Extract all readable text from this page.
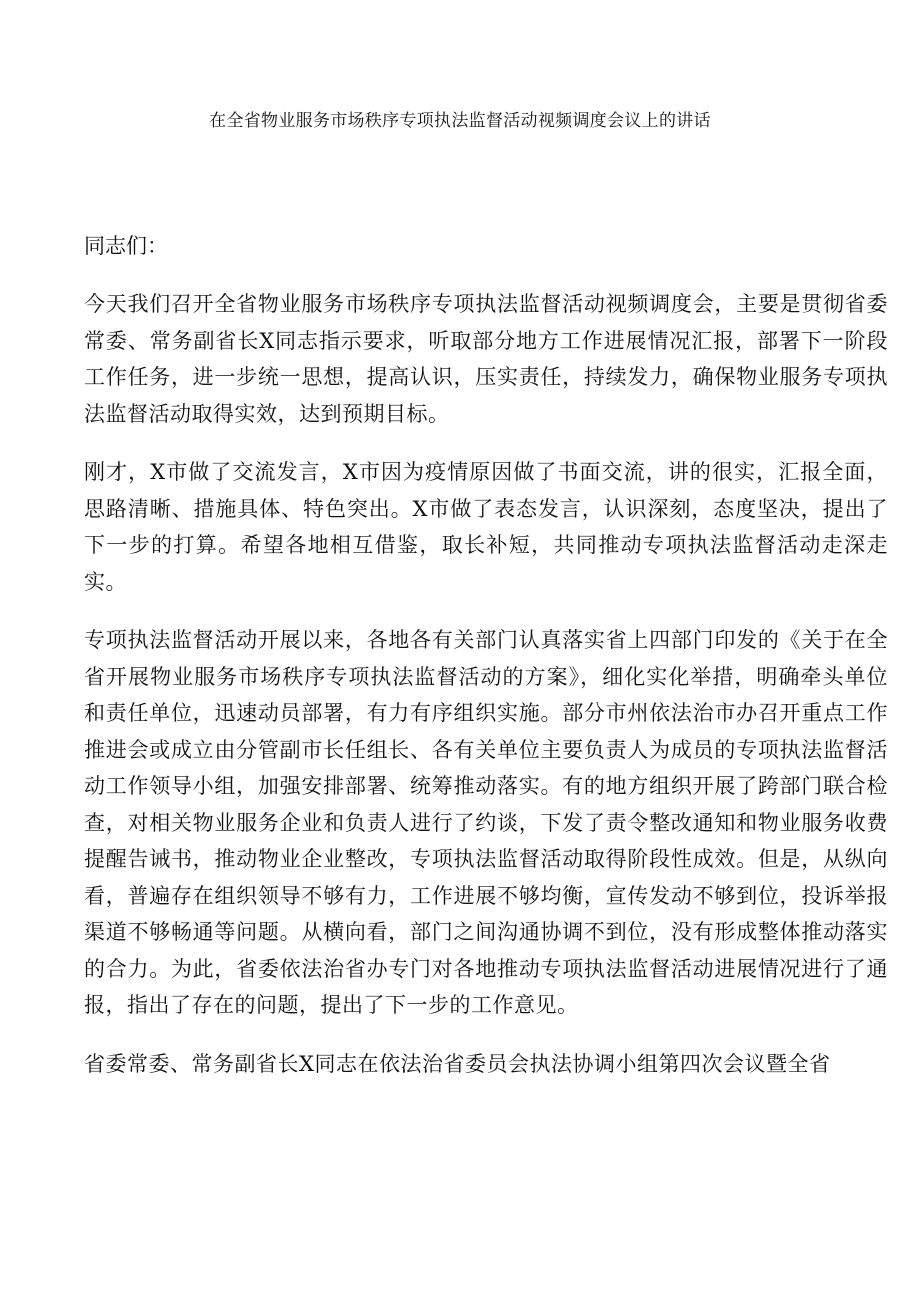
在全省物业服务市场秩序专项执法监督活动视频调度会议上的讲话

同志们：

今天我们召开全省物业服务市场秩序专项执法监督活动视频调度会，主要是贯彻省委常委、常务副省长X同志指示要求，听取部分地方工作进展情况汇报，部署下一阶段工作任务，进一步统一思想，提高认识，压实责任，持续发力，确保物业服务专项执法监督活动取得实效，达到预期目标。

刚才，X市做了交流发言，X市因为疫情原因做了书面交流，讲的很实，汇报全面，思路清晰、措施具体、特色突出。X市做了表态发言，认识深刻，态度坚决，提出了下一步的打算。希望各地相互借鉴，取长补短，共同推动专项执法监督活动走深走实。

专项执法监督活动开展以来，各地各有关部门认真落实省上四部门印发的《关于在全省开展物业服务市场秩序专项执法监督活动的方案》，细化实化举措，明确牵头单位和责任单位，迅速动员部署，有力有序组织实施。部分市州依法治市办召开重点工作推进会或成立由分管副市长任组长、各有关单位主要负责人为成员的专项执法监督活动工作领导小组，加强安排部署、统筹推动落实。有的地方组织开展了跨部门联合检查，对相关物业服务企业和负责人进行了约谈，下发了责令整改通知和物业服务收费提醒告诫书，推动物业企业整改，专项执法监督活动取得阶段性成效。但是，从纵向看，普遍存在组织领导不够有力，工作进展不够均衡，宣传发动不够到位，投诉举报渠道不够畅通等问题。从横向看，部门之间沟通协调不到位，没有形成整体推动落实的合力。为此，省委依法治省办专门对各地推动专项执法监督活动进展情况进行了通报，指出了存在的问题，提出了下一步的工作意见。

省委常委、常务副省长X同志在依法治省委员会执法协调小组第四次会议暨全省
